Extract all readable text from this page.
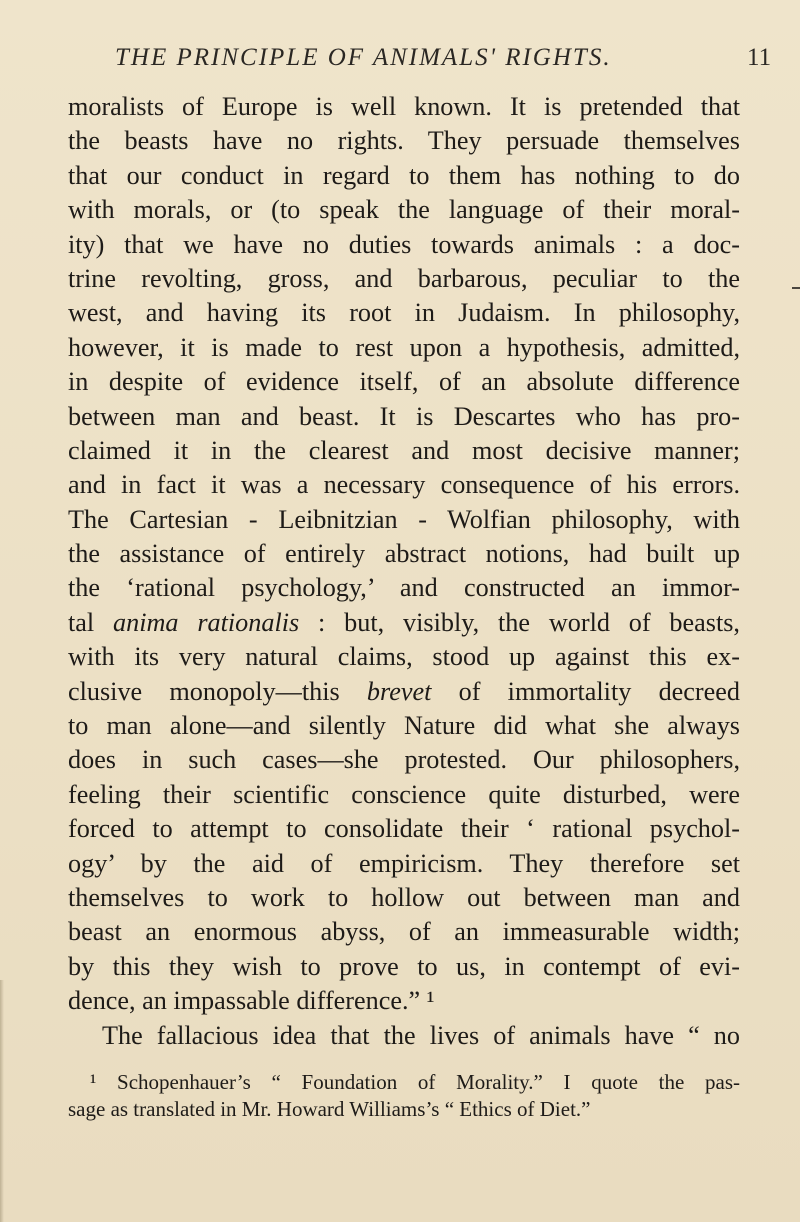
THE PRINCIPLE OF ANIMALS' RIGHTS.	11
moralists of Europe is well known. It is pretended that
the beasts have no rights. They persuade themselves
that our conduct in regard to them has nothing to do
with morals, or (to speak the language of their moral-
ity) that we have no duties towards animals : a doc-
trine revolting, gross, and barbarous, peculiar to the
west, and having its root in Judaism. In philosophy,
however, it is made to rest upon a hypothesis, admitted,
in despite of evidence itself, of an absolute difference
between man and beast. It is Descartes who has pro-
claimed it in the clearest and most decisive manner;
and in fact it was a necessary consequence of his errors.
The Cartesian - Leibnitzian - Wolfian philosophy, with
the assistance of entirely abstract notions, had built up
the ‘rational psychology,’ and constructed an immor-
tal anima rationalis : but, visibly, the world of beasts,
with its very natural claims, stood up against this ex-
clusive monopoly—this brevet of immortality decreed
to man alone—and silently Nature did what she always
does in such cases—she protested. Our philosophers,
feeling their scientific conscience quite disturbed, were
forced to attempt to consolidate their ‘ rational psychol-
ogy’ by the aid of empiricism. They therefore set
themselves to work to hollow out between man and
beast an enormous abyss, of an immeasurable width;
by this they wish to prove to us, in contempt of evi-
dence, an impassable difference.” ¹
The fallacious idea that the lives of animals have “ no
¹ Schopenhauer’s “ Foundation of Morality.” I quote the pas-
sage as translated in Mr. Howard Williams’s “ Ethics of Diet.”
